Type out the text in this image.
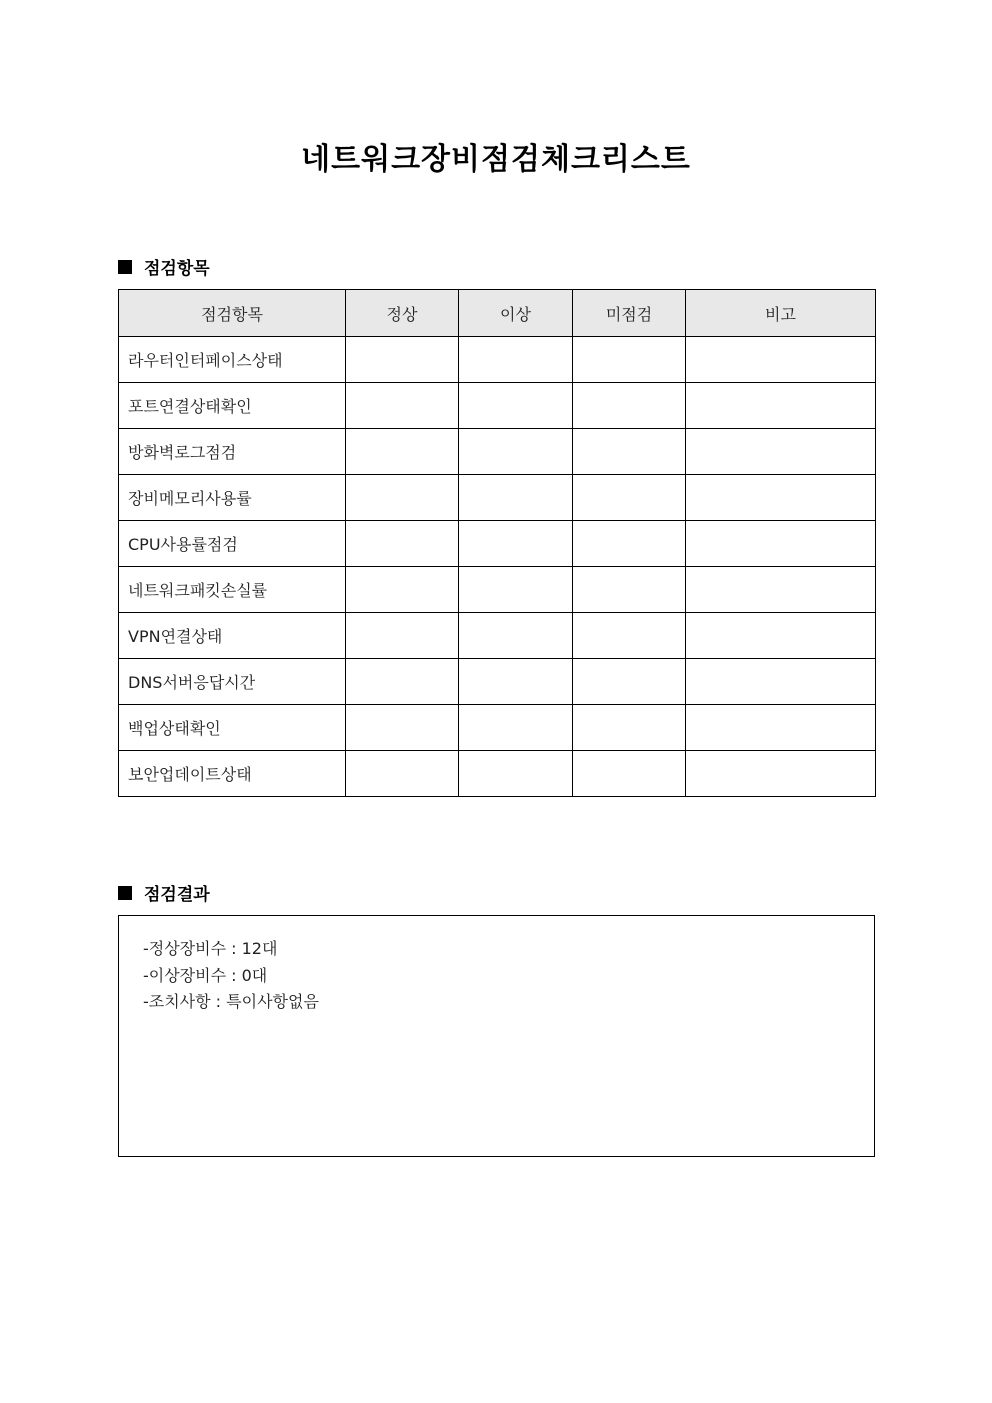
네트워크장비점검체크리스트
점검항목
점검항목	정상	이상	미점검	비고
라우터인터페이스상태				
포트연결상태확인				
방화벽로그점검				
장비메모리사용률				
CPU사용률점검				
네트워크패킷손실률				
VPN연결상태				
DNS서버응답시간				
백업상태확인				
보안업데이트상태				
점검결과
-정상장비수 : 12대
-이상장비수 : 0대
-조치사항 : 특이사항없음
